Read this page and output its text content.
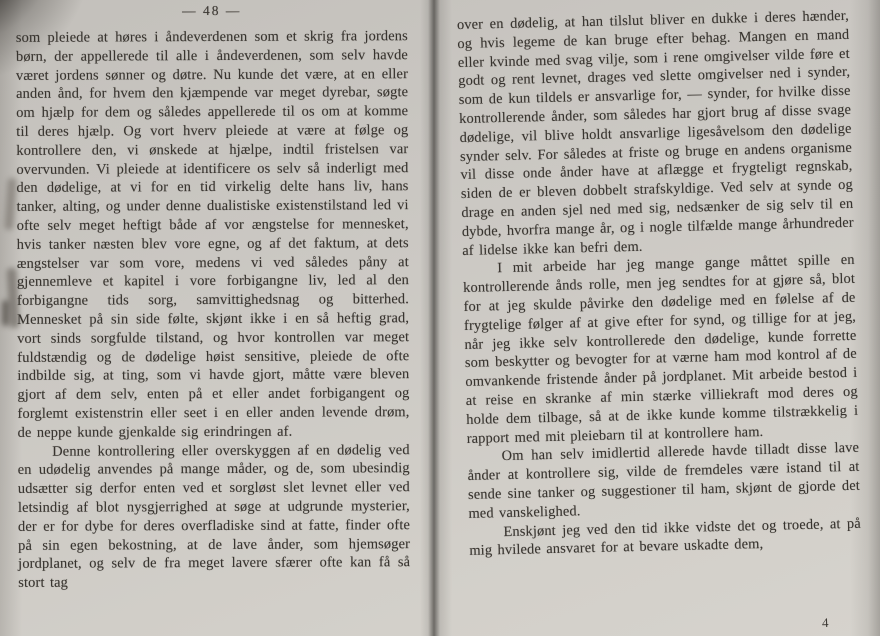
— 48 —

som pleiede at høres i åndeverdenen som et skrig fra jordens børn, der appellerede til alle i åndeverdenen, som selv havde været jordens sønner og døtre. Nu kunde det være, at en eller anden ånd, for hvem den kjæmpende var meget dyrebar, søgte om hjælp for dem og således appellerede til os om at komme til deres hjælp. Og vort hverv pleiede at være at følge og kontrollere den, vi ønskede at hjælpe, indtil fristelsen var overvunden. Vi pleiede at identificere os selv så inderligt med den dødelige, at vi for en tid virkelig delte hans liv, hans tanker, alting, og under denne dualistiske existenstilstand led vi ofte selv meget heftigt både af vor ængstelse for mennesket, hvis tanker næsten blev vore egne, og af det faktum, at dets ængstelser var som vore, medens vi ved således påny at gjennemleve et kapitel i vore forbigangne liv, led al den forbigangne tids sorg, samvittighedsnag og bitterhed. Mennesket på sin side følte, skjønt ikke i en så heftig grad, vort sinds sorgfulde tilstand, og hvor kontrollen var meget fuldstændig og de dødelige høist sensitive, pleiede de ofte indbilde sig, at ting, som vi havde gjort, måtte være bleven gjort af dem selv, enten på et eller andet forbigangent og forglemt existenstrin eller seet i en eller anden levende drøm, de neppe kunde gjenkalde sig erindringen af.

Denne kontrollering eller overskyggen af en dødelig ved en udødelig anvendes på mange måder, og de, som ubesindig udsætter sig derfor enten ved et sorgløst slet levnet eller ved letsindig af blot nysgjerrighed at søge at udgrunde mysterier, der er for dybe for deres overfladiske sind at fatte, finder ofte på sin egen bekostning, at de lave ånder, som hjemsøger jordplanet, og selv de fra meget lavere sfærer ofte kan få så stort tag

over en dødelig, at han tilslut bliver en dukke i deres hænder, og hvis legeme de kan bruge efter behag. Mangen en mand eller kvinde med svag vilje, som i rene omgivelser vilde føre et godt og rent levnet, drages ved slette omgivelser ned i synder, som de kun tildels er ansvarlige for, — synder, for hvilke disse kontrollerende ånder, som således har gjort brug af disse svage dødelige, vil blive holdt ansvarlige ligesåvelsom den dødelige synder selv. For således at friste og bruge en andens organisme vil disse onde ånder have at aflægge et frygteligt regnskab, siden de er bleven dobbelt strafskyldige. Ved selv at synde og drage en anden sjel ned med sig, nedsænker de sig selv til en dybde, hvorfra mange år, og i nogle tilfælde mange århundreder af lidelse ikke kan befri dem.

I mit arbeide har jeg mange gange måttet spille en kontrollerende ånds rolle, men jeg sendtes for at gjøre så, blot for at jeg skulde påvirke den dødelige med en følelse af de frygtelige følger af at give efter for synd, og tillige for at jeg, når jeg ikke selv kontrollerede den dødelige, kunde forrette som beskytter og bevogter for at værne ham mod kontrol af de omvankende fristende ånder på jordplanet. Mit arbeide bestod i at reise en skranke af min stærke villiekraft mod deres og holde dem tilbage, så at de ikke kunde komme tilstrækkelig i rapport med mit pleiebarn til at kontrollere ham.

Om han selv imidlertid allerede havde tilladt disse lave ånder at kontrollere sig, vilde de fremdeles være istand til at sende sine tanker og suggestioner til ham, skjønt de gjorde det med vanskelighed.

Enskjønt jeg ved den tid ikke vidste det og troede, at på mig hvilede ansvaret for at bevare uskadte dem,

4
